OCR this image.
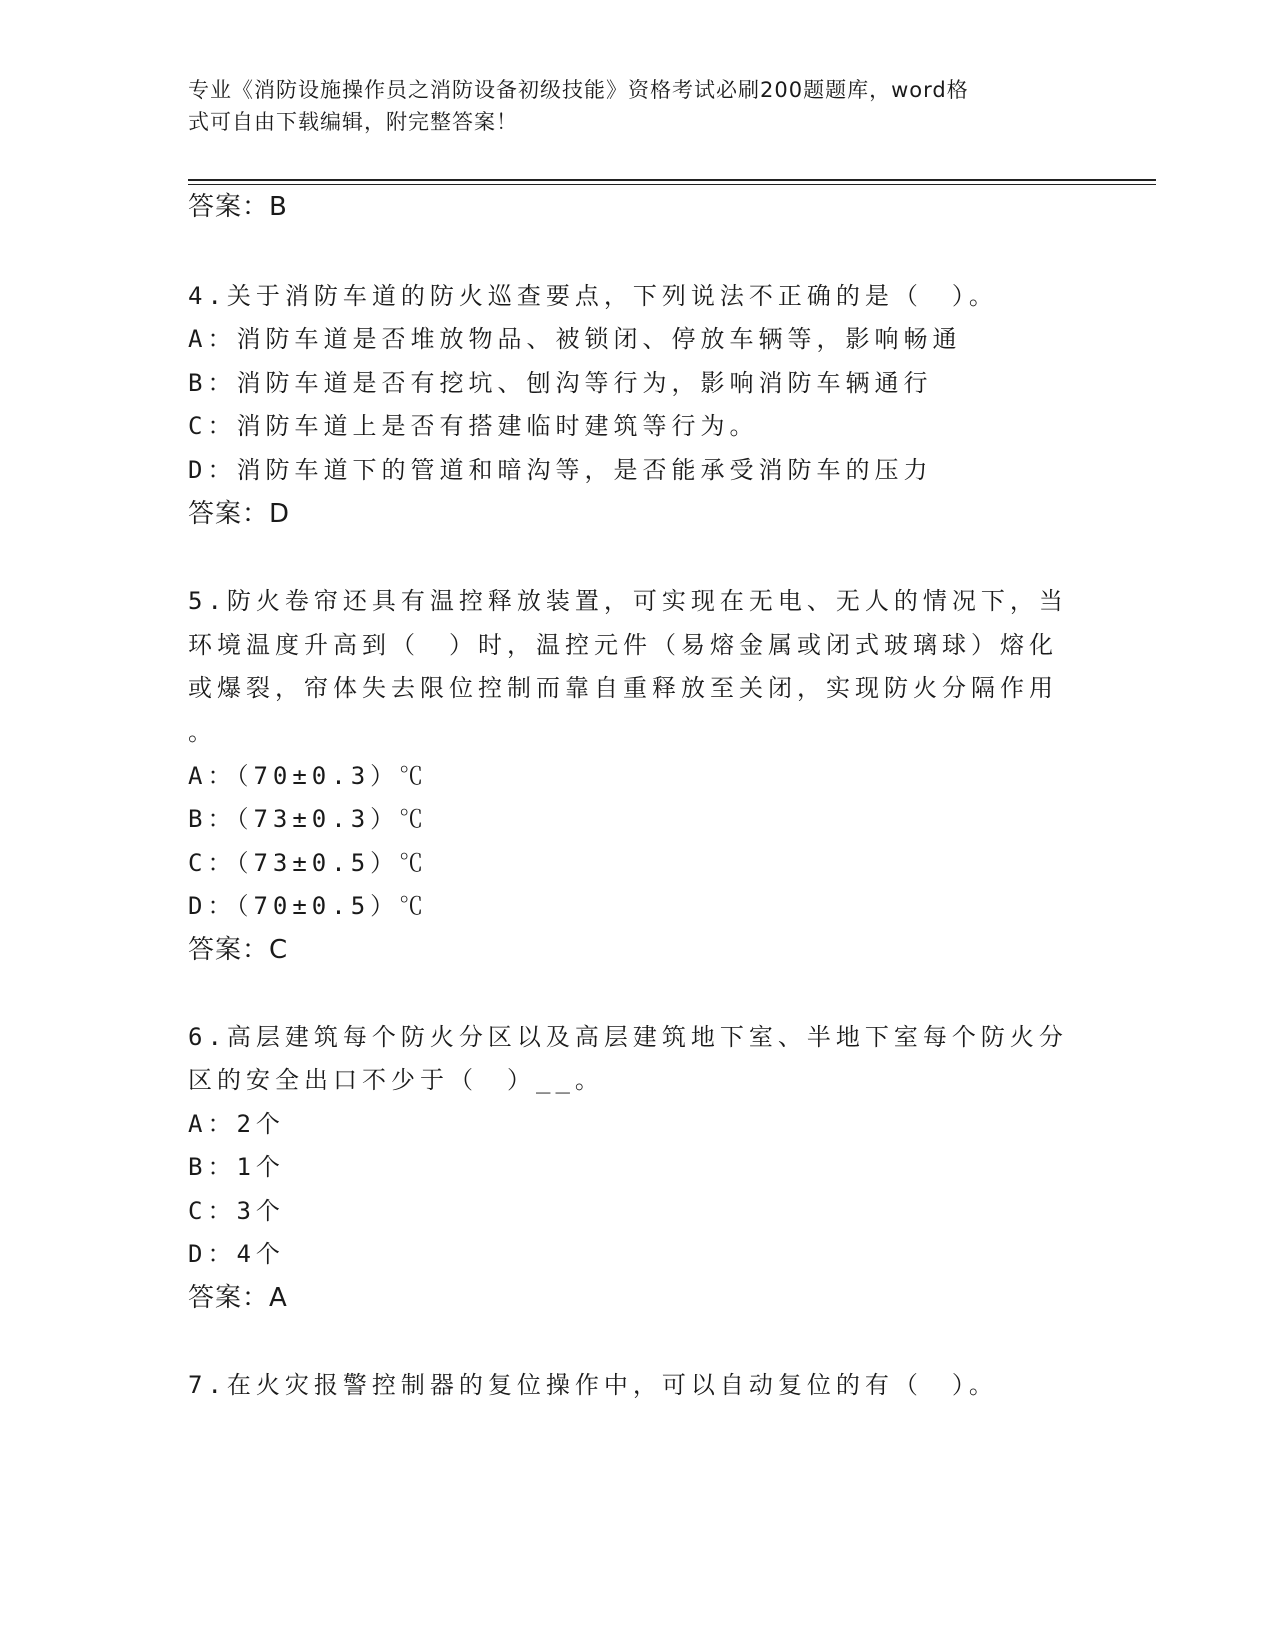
专业《消防设施操作员之消防设备初级技能》资格考试必刷200题题库，word格
式可自由下载编辑，附完整答案！
答案：B
4.关于消防车道的防火巡查要点，下列说法不正确的是（　）。
A：消防车道是否堆放物品、被锁闭、停放车辆等，影响畅通
B：消防车道是否有挖坑、刨沟等行为，影响消防车辆通行
C：消防车道上是否有搭建临时建筑等行为。
D：消防车道下的管道和暗沟等，是否能承受消防车的压力
答案：D
5.防火卷帘还具有温控释放装置，可实现在无电、无人的情况下，当
环境温度升高到（　）时，温控元件（易熔金属或闭式玻璃球）熔化
或爆裂，帘体失去限位控制而靠自重释放至关闭，实现防火分隔作用
。
A：（70±0.3）℃
B：（73±0.3）℃
C：（73±0.5）℃
D：（70±0.5）℃
答案：C
6.高层建筑每个防火分区以及高层建筑地下室、半地下室每个防火分
区的安全出口不少于（　）__。
A：2个
B：1个
C：3个
D：4个
答案：A
7.在火灾报警控制器的复位操作中，可以自动复位的有（　）。
